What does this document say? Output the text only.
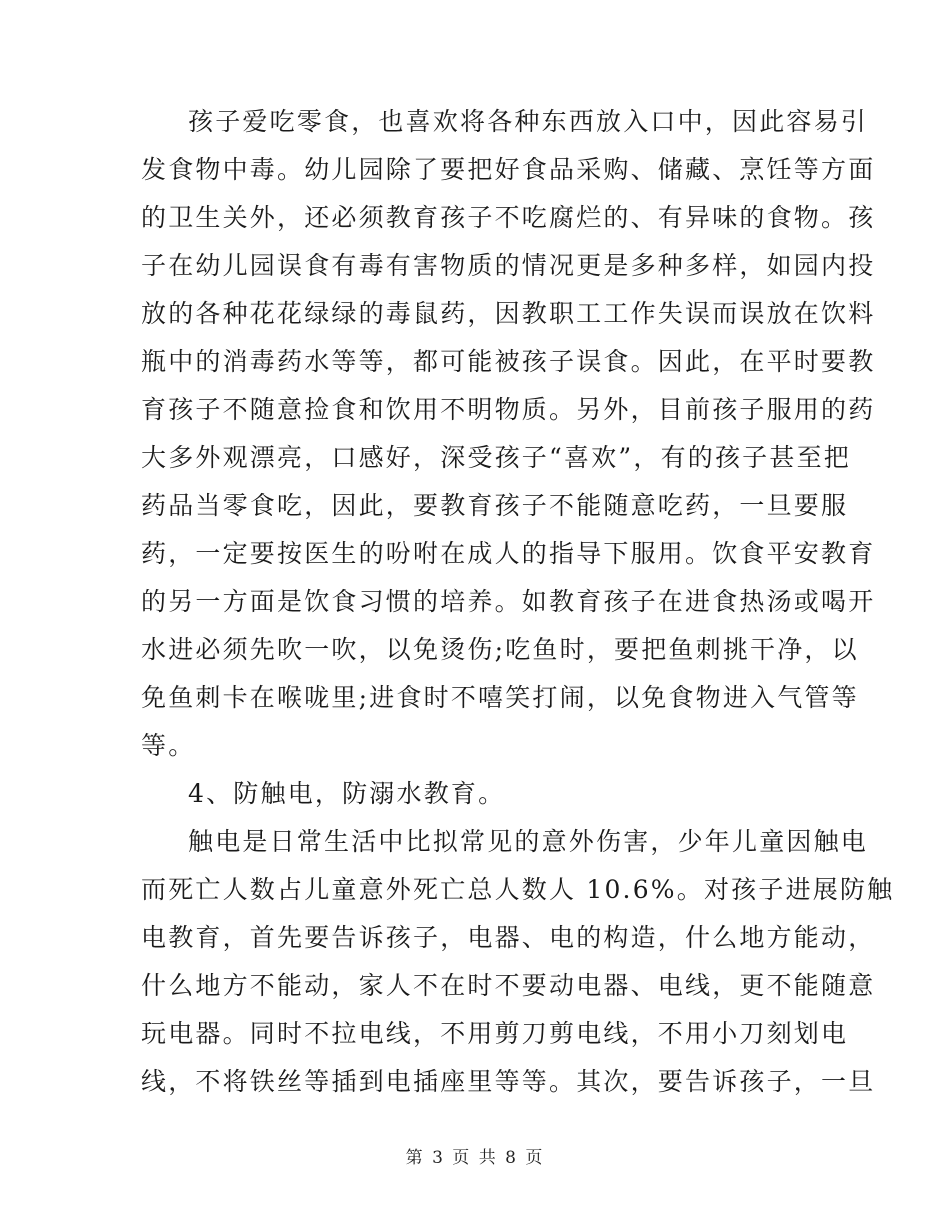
孩子爱吃零食，也喜欢将各种东西放入口中，因此容易引
发食物中毒。幼儿园除了要把好食品采购、储藏、烹饪等方面
的卫生关外，还必须教育孩子不吃腐烂的、有异味的食物。孩
子在幼儿园误食有毒有害物质的情况更是多种多样，如园内投
放的各种花花绿绿的毒鼠药，因教职工工作失误而误放在饮料
瓶中的消毒药水等等，都可能被孩子误食。因此，在平时要教
育孩子不随意捡食和饮用不明物质。另外，目前孩子服用的药
大多外观漂亮，口感好，深受孩子“喜欢”，有的孩子甚至把
药品当零食吃，因此，要教育孩子不能随意吃药，一旦要服
药，一定要按医生的吩咐在成人的指导下服用。饮食平安教育
的另一方面是饮食习惯的培养。如教育孩子在进食热汤或喝开
水进必须先吹一吹，以免烫伤;吃鱼时，要把鱼刺挑干净，以
免鱼刺卡在喉咙里;进食时不嘻笑打闹，以免食物进入气管等
等。
4、防触电，防溺水教育。
触电是日常生活中比拟常见的意外伤害，少年儿童因触电
而死亡人数占儿童意外死亡总人数人 10.6%。对孩子进展防触
电教育，首先要告诉孩子，电器、电的构造，什么地方能动，
什么地方不能动，家人不在时不要动电器、电线，更不能随意
玩电器。同时不拉电线，不用剪刀剪电线，不用小刀刻划电
线，不将铁丝等插到电插座里等等。其次，要告诉孩子，一旦
第 3 页 共 8 页
